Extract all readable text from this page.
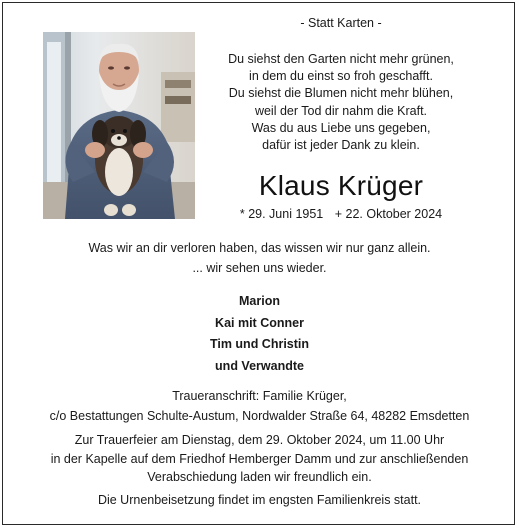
- Statt Karten -
Du siehst den Garten nicht mehr grünen,
in dem du einst so froh geschafft.
Du siehst die Blumen nicht mehr blühen,
weil der Tod dir nahm die Kraft.
Was du aus Liebe uns gegeben,
dafür ist jeder Dank zu klein.
Klaus Krüger
* 29. Juni 1951 + 22. Oktober 2024
Was wir an dir verloren haben, das wissen wir nur ganz allein.
... wir sehen uns wieder.
Marion
Kai mit Conner
Tim und Christin
und Verwandte
Traueranschrift: Familie Krüger,
c/o Bestattungen Schulte-Austum, Nordwalder Straße 64, 48282 Emsdetten
Zur Trauerfeier am Dienstag, dem 29. Oktober 2024, um 11.00 Uhr
in der Kapelle auf dem Friedhof Hemberger Damm und zur anschließenden
Verabschiedung laden wir freundlich ein.
Die Urnenbeisetzung findet im engsten Familienkreis statt.
